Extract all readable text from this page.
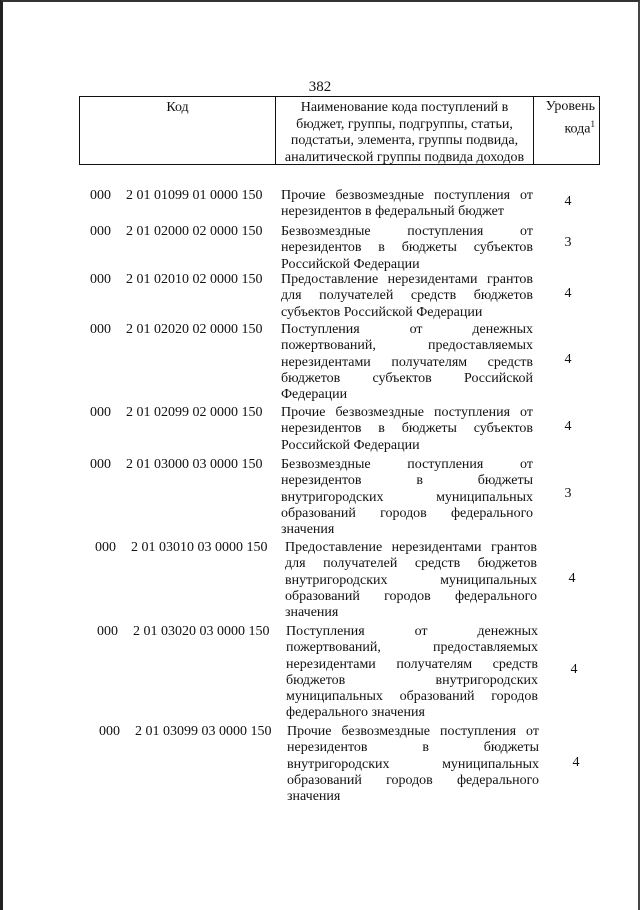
382
Код	Наименование кода поступлений в бюджет, группы, подгруппы, статьи, подстатьи, элемента, группы подвида, аналитической группы подвида доходов
Уровень кода$^1$
000	2 01 01099 01 0000 150	Прочие безвозмездные поступления от
нерезидентов в федеральный бюджет
4
000	2 01 02000 02 0000 150	Безвозмездные поступления от
нерезидентов в бюджеты субъектов
Российской Федерации
3
000	2 01 02010 02 0000 150	Предоставление нерезидентами грантов
для получателей средств бюджетов
субъектов Российской Федерации
4
000	2 01 02020 02 0000 150	Поступления от денежных
пожертвований, предоставляемых
нерезидентами получателям средств
бюджетов субъектов Российской
Федерации
4
000	2 01 02099 02 0000 150	Прочие безвозмездные поступления от
нерезидентов в бюджеты субъектов
Российской Федерации
4
000	2 01 03000 03 0000 150	Безвозмездные поступления от
нерезидентов в бюджеты
внутригородских муниципальных
образований городов федерального
значения
3
000	2 01 03010 03 0000 150	Предоставление нерезидентами грантов
для получателей средств бюджетов
внутригородских муниципальных
образований городов федерального
значения
4
000	2 01 03020 03 0000 150	Поступления от денежных
пожертвований, предоставляемых
нерезидентами получателям средств
бюджетов внутригородских
муниципальных образований городов
федерального значения
4
000	2 01 03099 03 0000 150	Прочие безвозмездные поступления от
нерезидентов в бюджеты
внутригородских муниципальных
образований городов федерального
значения
4
